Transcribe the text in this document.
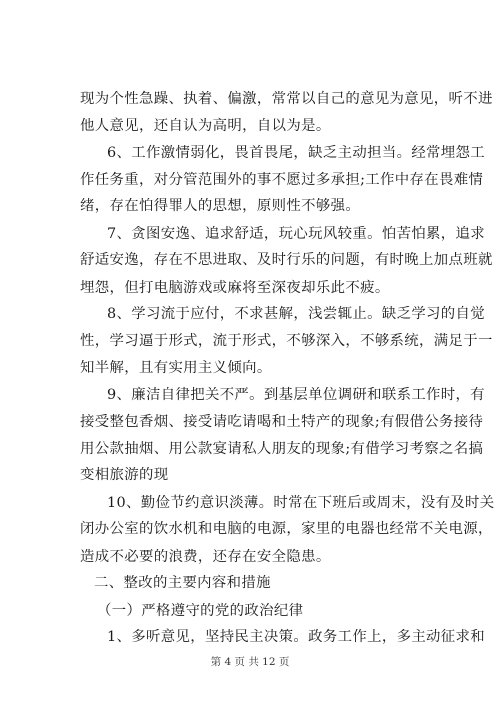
现为个性急躁、执着、偏激，常常以自己的意见为意见，听不进
他人意见，还自认为高明，自以为是。
6、工作激情弱化，畏首畏尾，缺乏主动担当。经常埋怨工
作任务重，对分管范围外的事不愿过多承担;工作中存在畏难情
绪，存在怕得罪人的思想，原则性不够强。
7、贪图安逸、追求舒适，玩心玩风较重。怕苦怕累，追求
舒适安逸，存在不思进取、及时行乐的问题，有时晚上加点班就
埋怨，但打电脑游戏或麻将至深夜却乐此不疲。
8、学习流于应付，不求甚解，浅尝辄止。缺乏学习的自觉
性，学习逼于形式，流于形式，不够深入，不够系统，满足于一
知半解，且有实用主义倾向。
9、廉洁自律把关不严。到基层单位调研和联系工作时，有
接受整包香烟、接受请吃请喝和土特产的现象;有假借公务接待
用公款抽烟、用公款宴请私人朋友的现象;有借学习考察之名搞
变相旅游的现
10、勤俭节约意识淡薄。时常在下班后或周末，没有及时关
闭办公室的饮水机和电脑的电源，家里的电器也经常不关电源，
造成不必要的浪费，还存在安全隐患。
二、整改的主要内容和措施
（一）严格遵守的党的政治纪律
1、多听意见，坚持民主决策。政务工作上，多主动征求和
第 4 页 共 12 页
